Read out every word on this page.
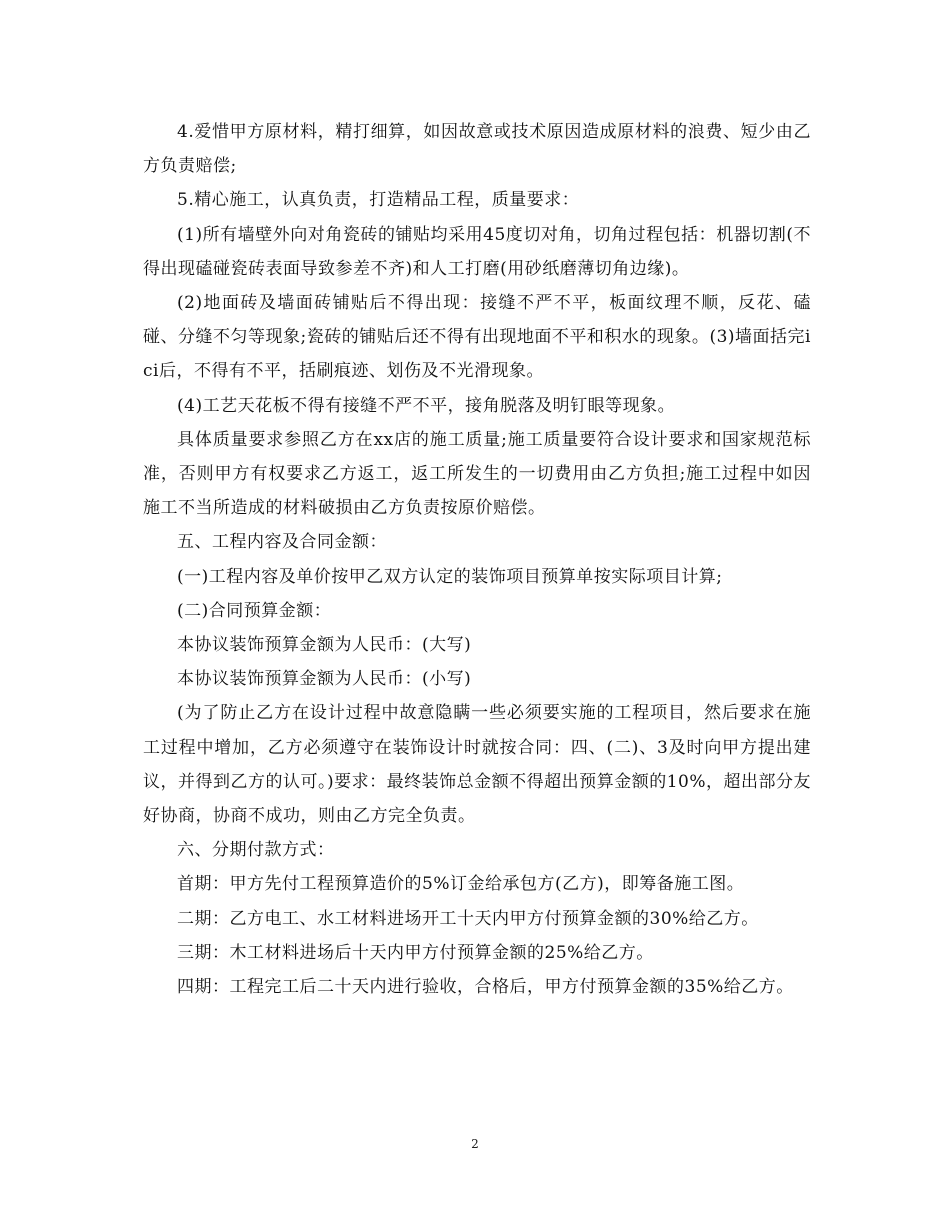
4.爱惜甲方原材料，精打细算，如因故意或技术原因造成原材料的浪费、短少由乙方负责赔偿;

5.精心施工，认真负责，打造精品工程，质量要求：

(1)所有墙壁外向对角瓷砖的铺贴均采用45度切对角，切角过程包括：机器切割(不得出现磕碰瓷砖表面导致参差不齐)和人工打磨(用砂纸磨薄切角边缘)。

(2)地面砖及墙面砖铺贴后不得出现：接缝不严不平，板面纹理不顺，反花、磕碰、分缝不匀等现象;瓷砖的铺贴后还不得有出现地面不平和积水的现象。(3)墙面括完ici后，不得有不平，括刷痕迹、划伤及不光滑现象。

(4)工艺天花板不得有接缝不严不平，接角脱落及明钉眼等现象。

具体质量要求参照乙方在xx店的施工质量;施工质量要符合设计要求和国家规范标准，否则甲方有权要求乙方返工，返工所发生的一切费用由乙方负担;施工过程中如因施工不当所造成的材料破损由乙方负责按原价赔偿。

五、工程内容及合同金额：

(一)工程内容及单价按甲乙双方认定的装饰项目预算单按实际项目计算;

(二)合同预算金额：

本协议装饰预算金额为人民币：(大写)

本协议装饰预算金额为人民币：(小写)

(为了防止乙方在设计过程中故意隐瞒一些必须要实施的工程项目，然后要求在施工过程中增加，乙方必须遵守在装饰设计时就按合同：四、(二)、3及时向甲方提出建议，并得到乙方的认可。)要求：最终装饰总金额不得超出预算金额的10%，超出部分友好协商，协商不成功，则由乙方完全负责。

六、分期付款方式：

首期：甲方先付工程预算造价的5%订金给承包方(乙方)，即筹备施工图。

二期：乙方电工、水工材料进场开工十天内甲方付预算金额的30%给乙方。

三期：木工材料进场后十天内甲方付预算金额的25%给乙方。

四期：工程完工后二十天内进行验收，合格后，甲方付预算金额的35%给乙方。

2
